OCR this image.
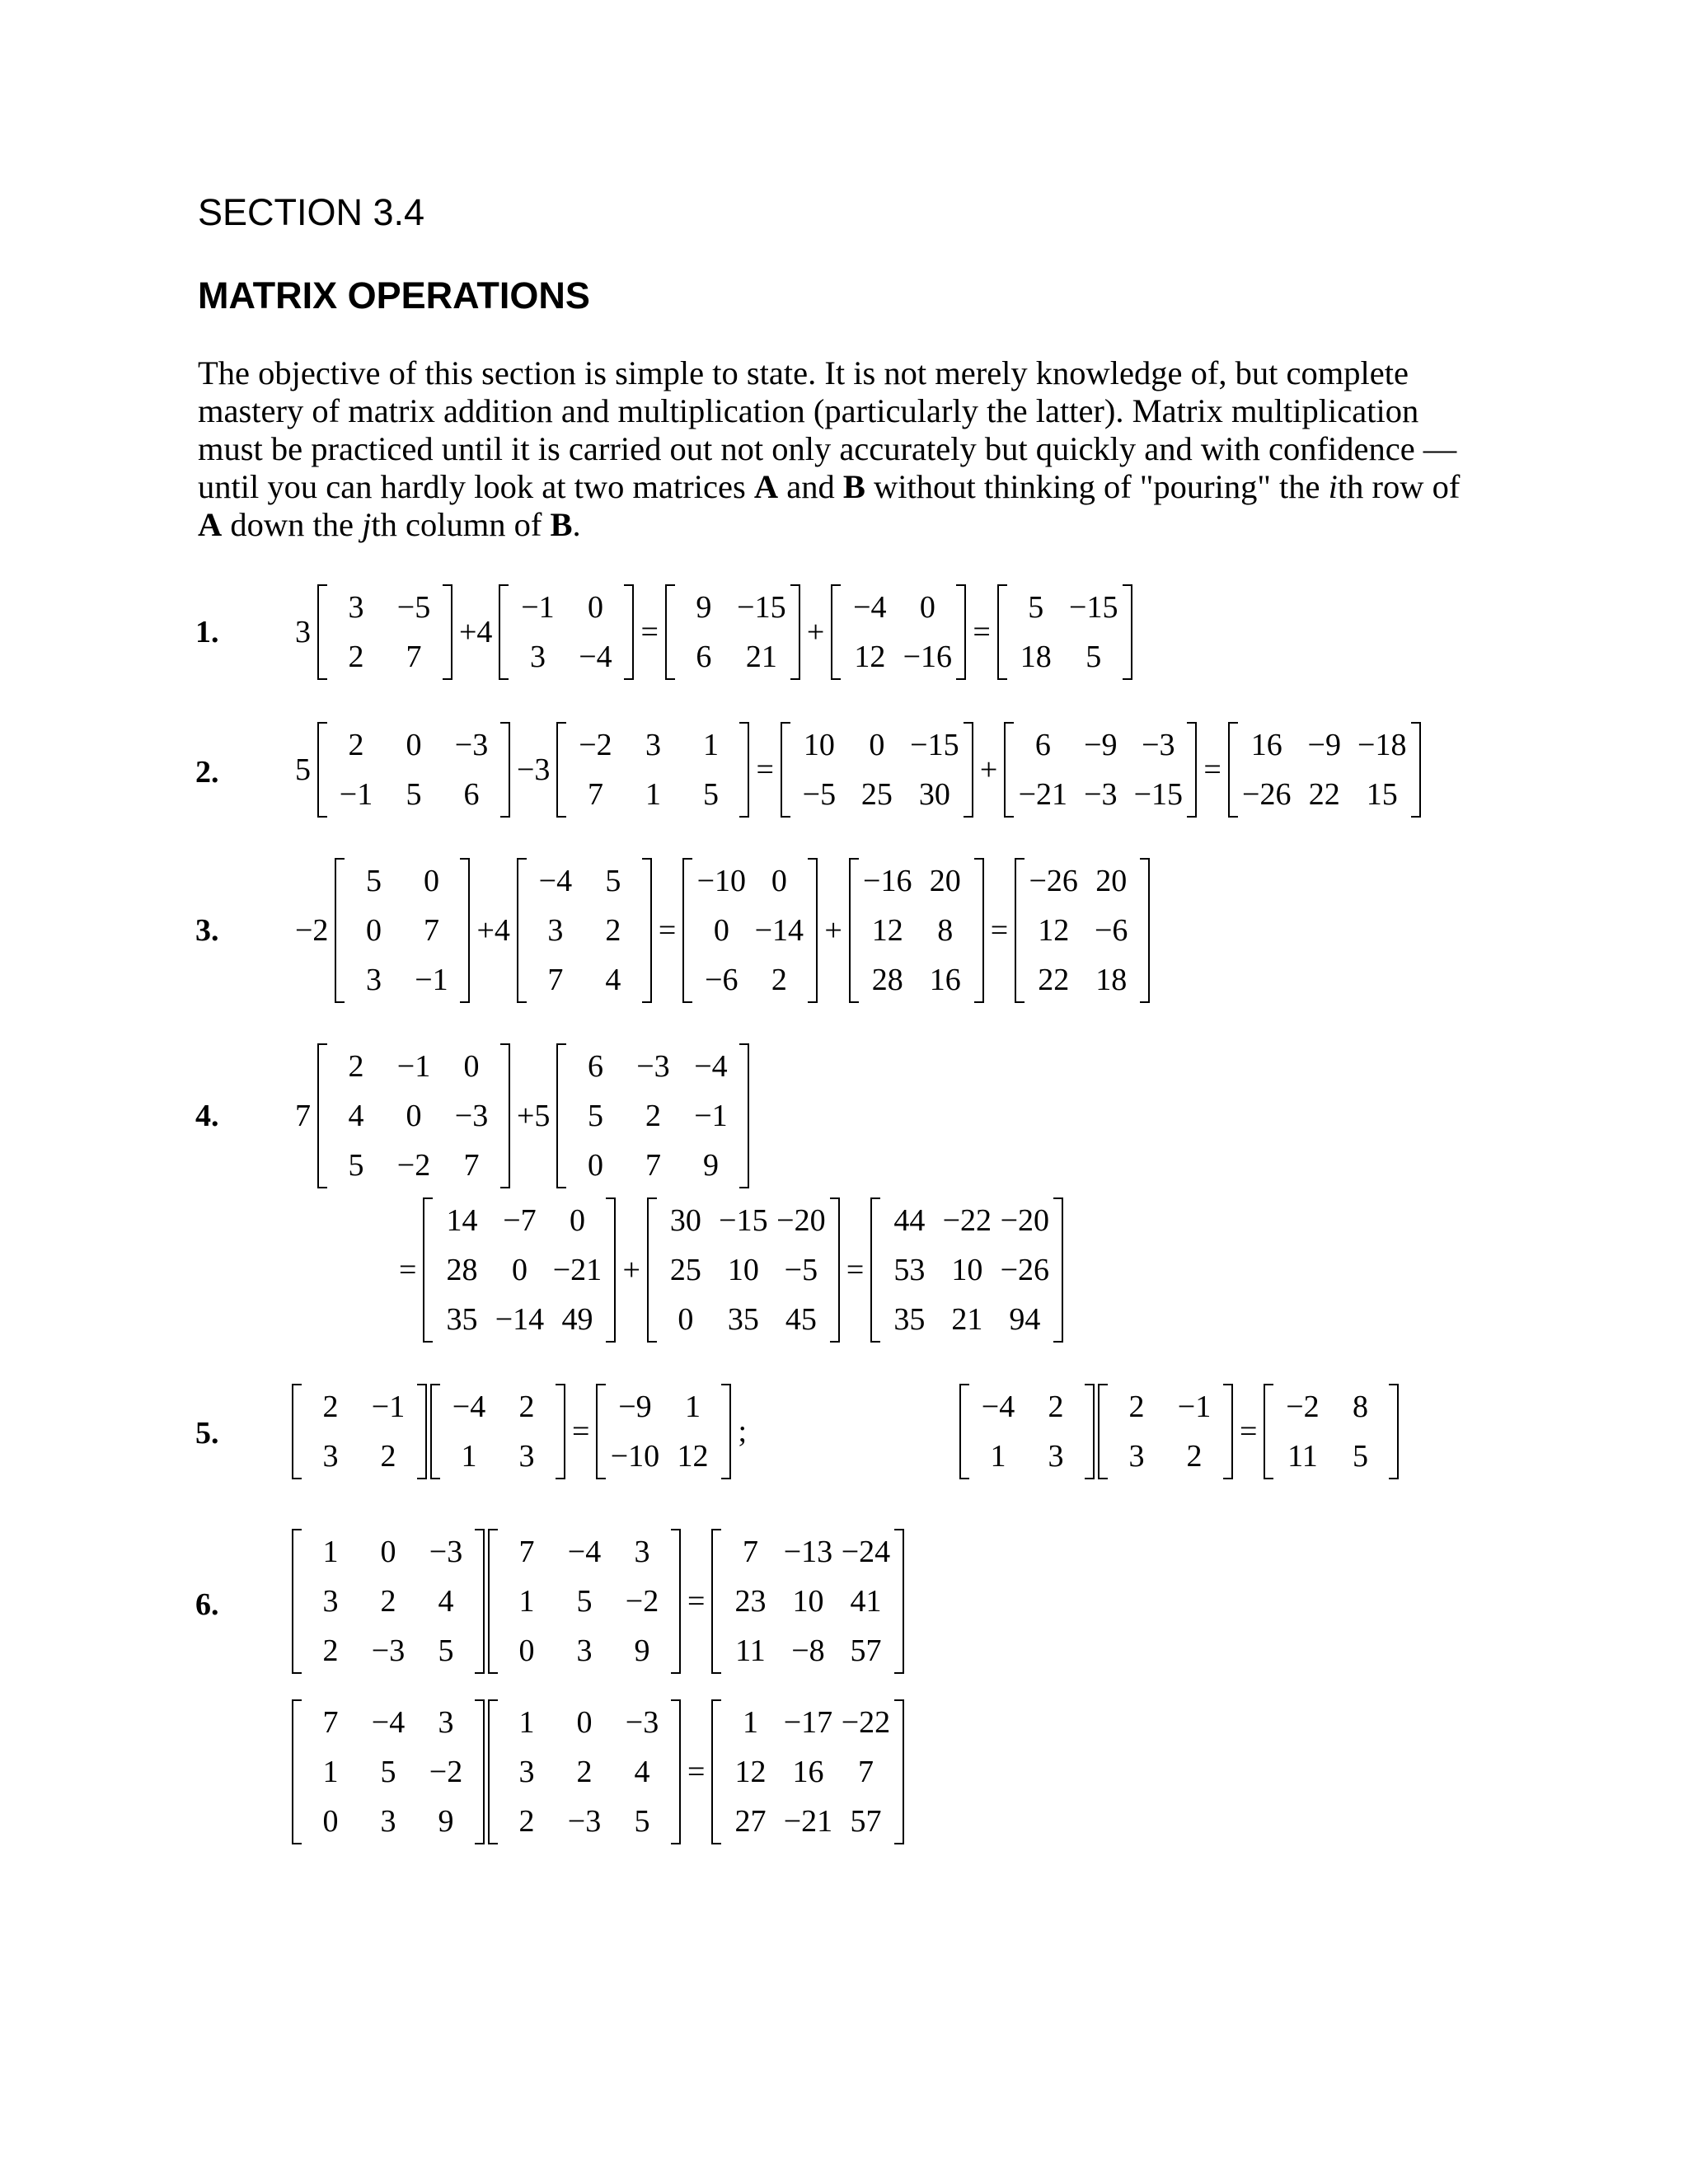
SECTION 3.4
MATRIX OPERATIONS
The objective of this section is simple to state. It is not merely knowledge of, but complete mastery of matrix addition and multiplication (particularly the latter). Matrix multiplication must be practiced until it is carried out not only accurately but quickly and with confidence — until you can hardly look at two matrices A and B without thinking of "pouring" the ith row of A down the jth column of B.
1. 3
3	−5
2	7
+4
−1	0
3	−4
=
9 −15
6	21
+
−4	0
12 −16
=
5 −15
18	5
2. 5
2	0	−3
−1	5	6
−3
−2	3	1
7	1	5
=
10	0 −15
−5 25 30
+
6	−9 −3
−21 −3 −15
=
16 −9 −18
−26 22 15
3. −2
5	0
0	7
3	−1
+4
−4	5
3	2
7	4
=
−10 0
0 −14
−6	2
+
−16 20
12	8
28 16
=
−26 20
12 −6
22 18
4. 7
2	−1	0
4	0	−3
5	−2	7
+5
6	−3 −4
5	2	−1
0	7	9
=
14 −7	0
28	0 −21
35 −14 49
+
30 −15 −20
25 10 −5
0	35 45
=
44 −22 −20
53 10 −26
35 21 94
5.
2	−1
3	2
−4	2
1	3
=
−9	1
−10 12
;
−4	2
1	3
2	−1
3	2
=
−2	8
11	5
6.
1	0	−3
3	2	4
2	−3	5
7	−4	3
1	5	−2
0	3	9
=
7 −13 −24
23 10 41
11 −8 57
7	−4	3
1	5	−2
0	3	9
1	0	−3
3	2	4
2	−3	5
=
1 −17 −22
12 16	7
27 −21 57
